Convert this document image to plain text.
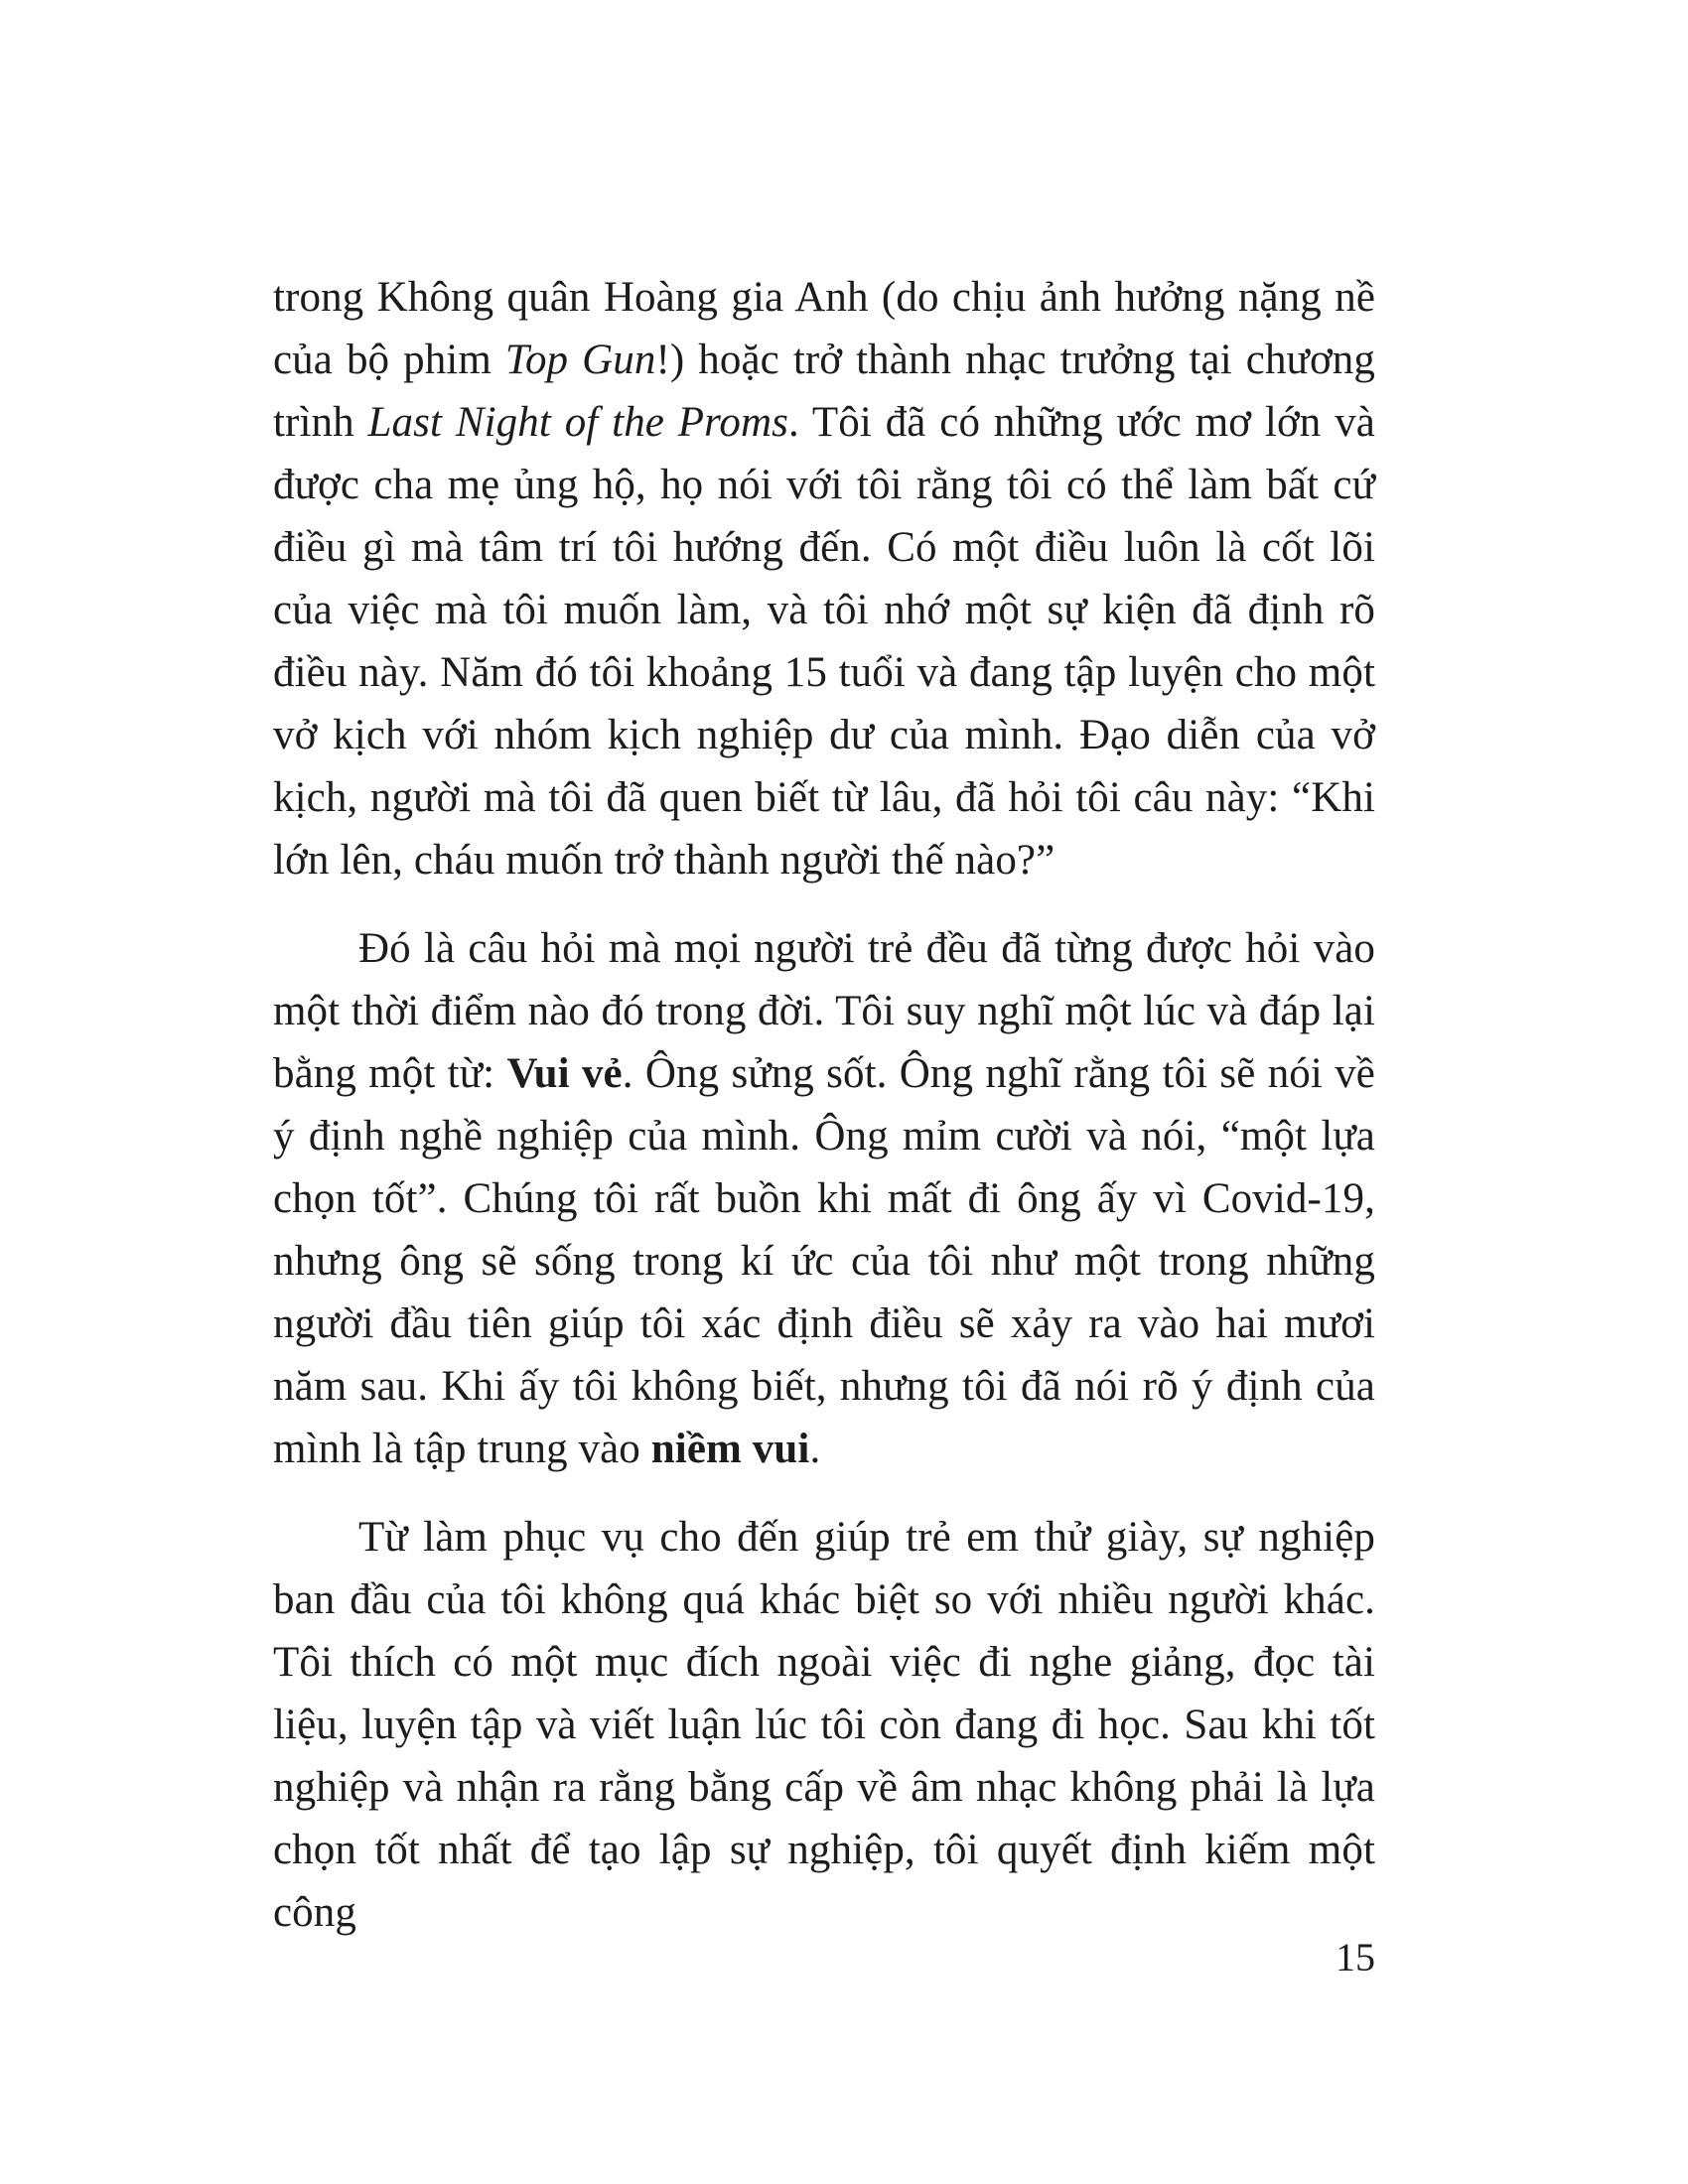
trong Không quân Hoàng gia Anh (do chịu ảnh hưởng nặng nề của bộ phim Top Gun!) hoặc trở thành nhạc trưởng tại chương trình Last Night of the Proms. Tôi đã có những ước mơ lớn và được cha mẹ ủng hộ, họ nói với tôi rằng tôi có thể làm bất cứ điều gì mà tâm trí tôi hướng đến. Có một điều luôn là cốt lõi của việc mà tôi muốn làm, và tôi nhớ một sự kiện đã định rõ điều này. Năm đó tôi khoảng 15 tuổi và đang tập luyện cho một vở kịch với nhóm kịch nghiệp dư của mình. Đạo diễn của vở kịch, người mà tôi đã quen biết từ lâu, đã hỏi tôi câu này: “Khi lớn lên, cháu muốn trở thành người thế nào?”

Đó là câu hỏi mà mọi người trẻ đều đã từng được hỏi vào một thời điểm nào đó trong đời. Tôi suy nghĩ một lúc và đáp lại bằng một từ: Vui vẻ. Ông sửng sốt. Ông nghĩ rằng tôi sẽ nói về ý định nghề nghiệp của mình. Ông mỉm cười và nói, “một lựa chọn tốt”. Chúng tôi rất buồn khi mất đi ông ấy vì Covid-19, nhưng ông sẽ sống trong kí ức của tôi như một trong những người đầu tiên giúp tôi xác định điều sẽ xảy ra vào hai mươi năm sau. Khi ấy tôi không biết, nhưng tôi đã nói rõ ý định của mình là tập trung vào niềm vui.

Từ làm phục vụ cho đến giúp trẻ em thử giày, sự nghiệp ban đầu của tôi không quá khác biệt so với nhiều người khác. Tôi thích có một mục đích ngoài việc đi nghe giảng, đọc tài liệu, luyện tập và viết luận lúc tôi còn đang đi học. Sau khi tốt nghiệp và nhận ra rằng bằng cấp về âm nhạc không phải là lựa chọn tốt nhất để tạo lập sự nghiệp, tôi quyết định kiếm một công

15
